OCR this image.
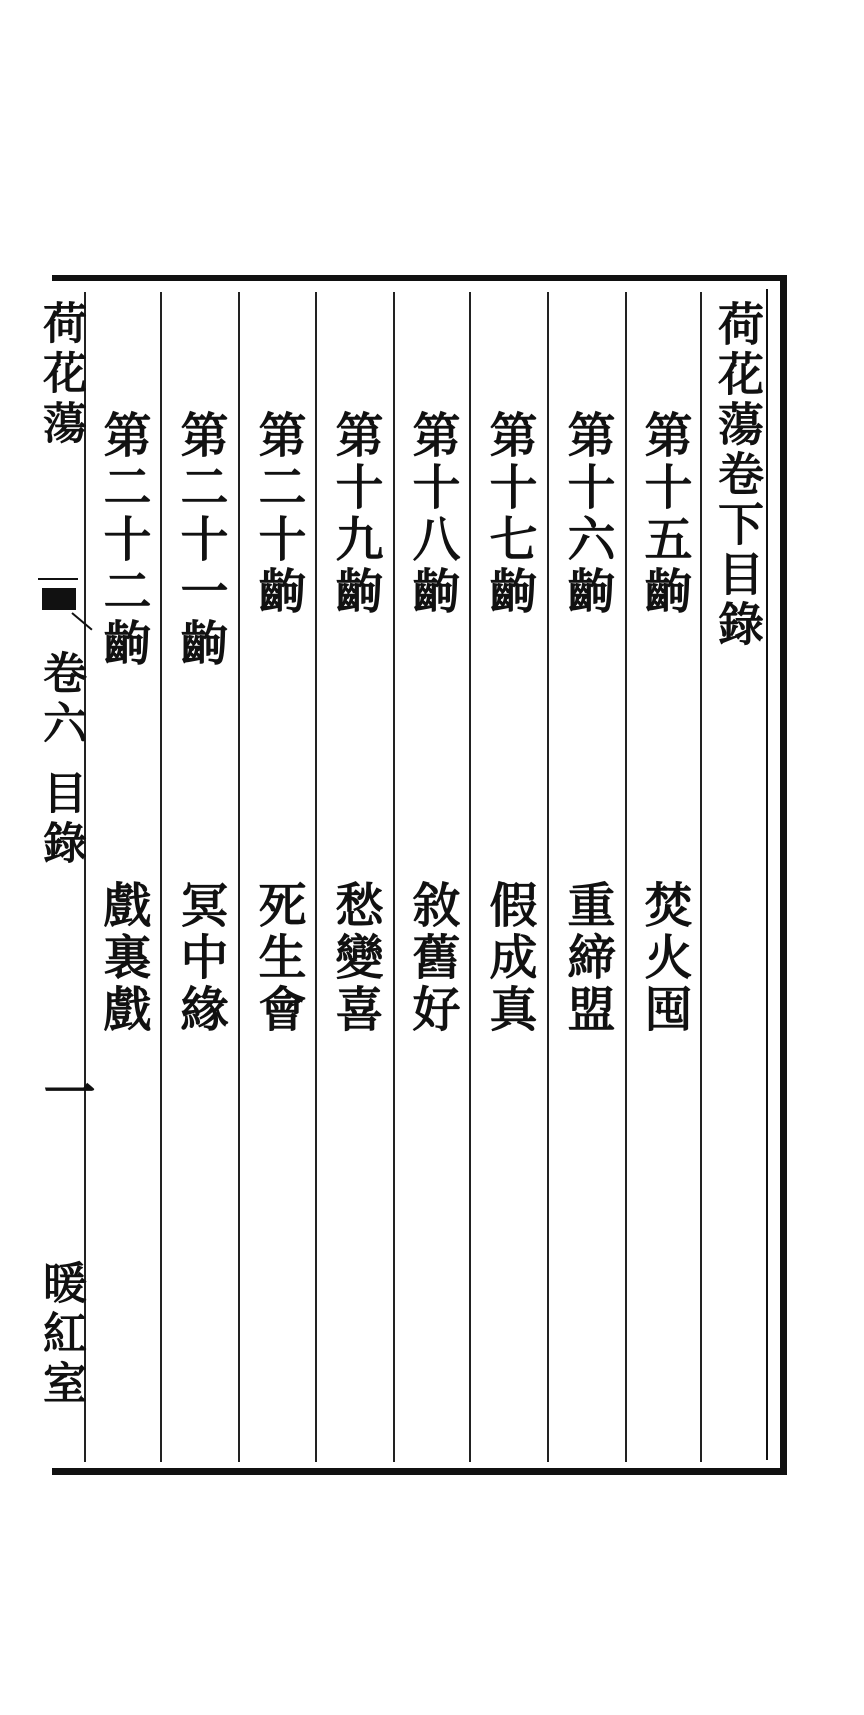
荷花蕩卷下目錄
第十五齣
第十六齣
第十七齣
第十八齣
第十九齣
第二十齣
第二十一齣
第二十二齣
焚火囤
重締盟
假成真
敘舊好
愁變喜
死生會
冥中緣
戲裏戲
荷花蕩
卷六
目錄
一
暖紅室
